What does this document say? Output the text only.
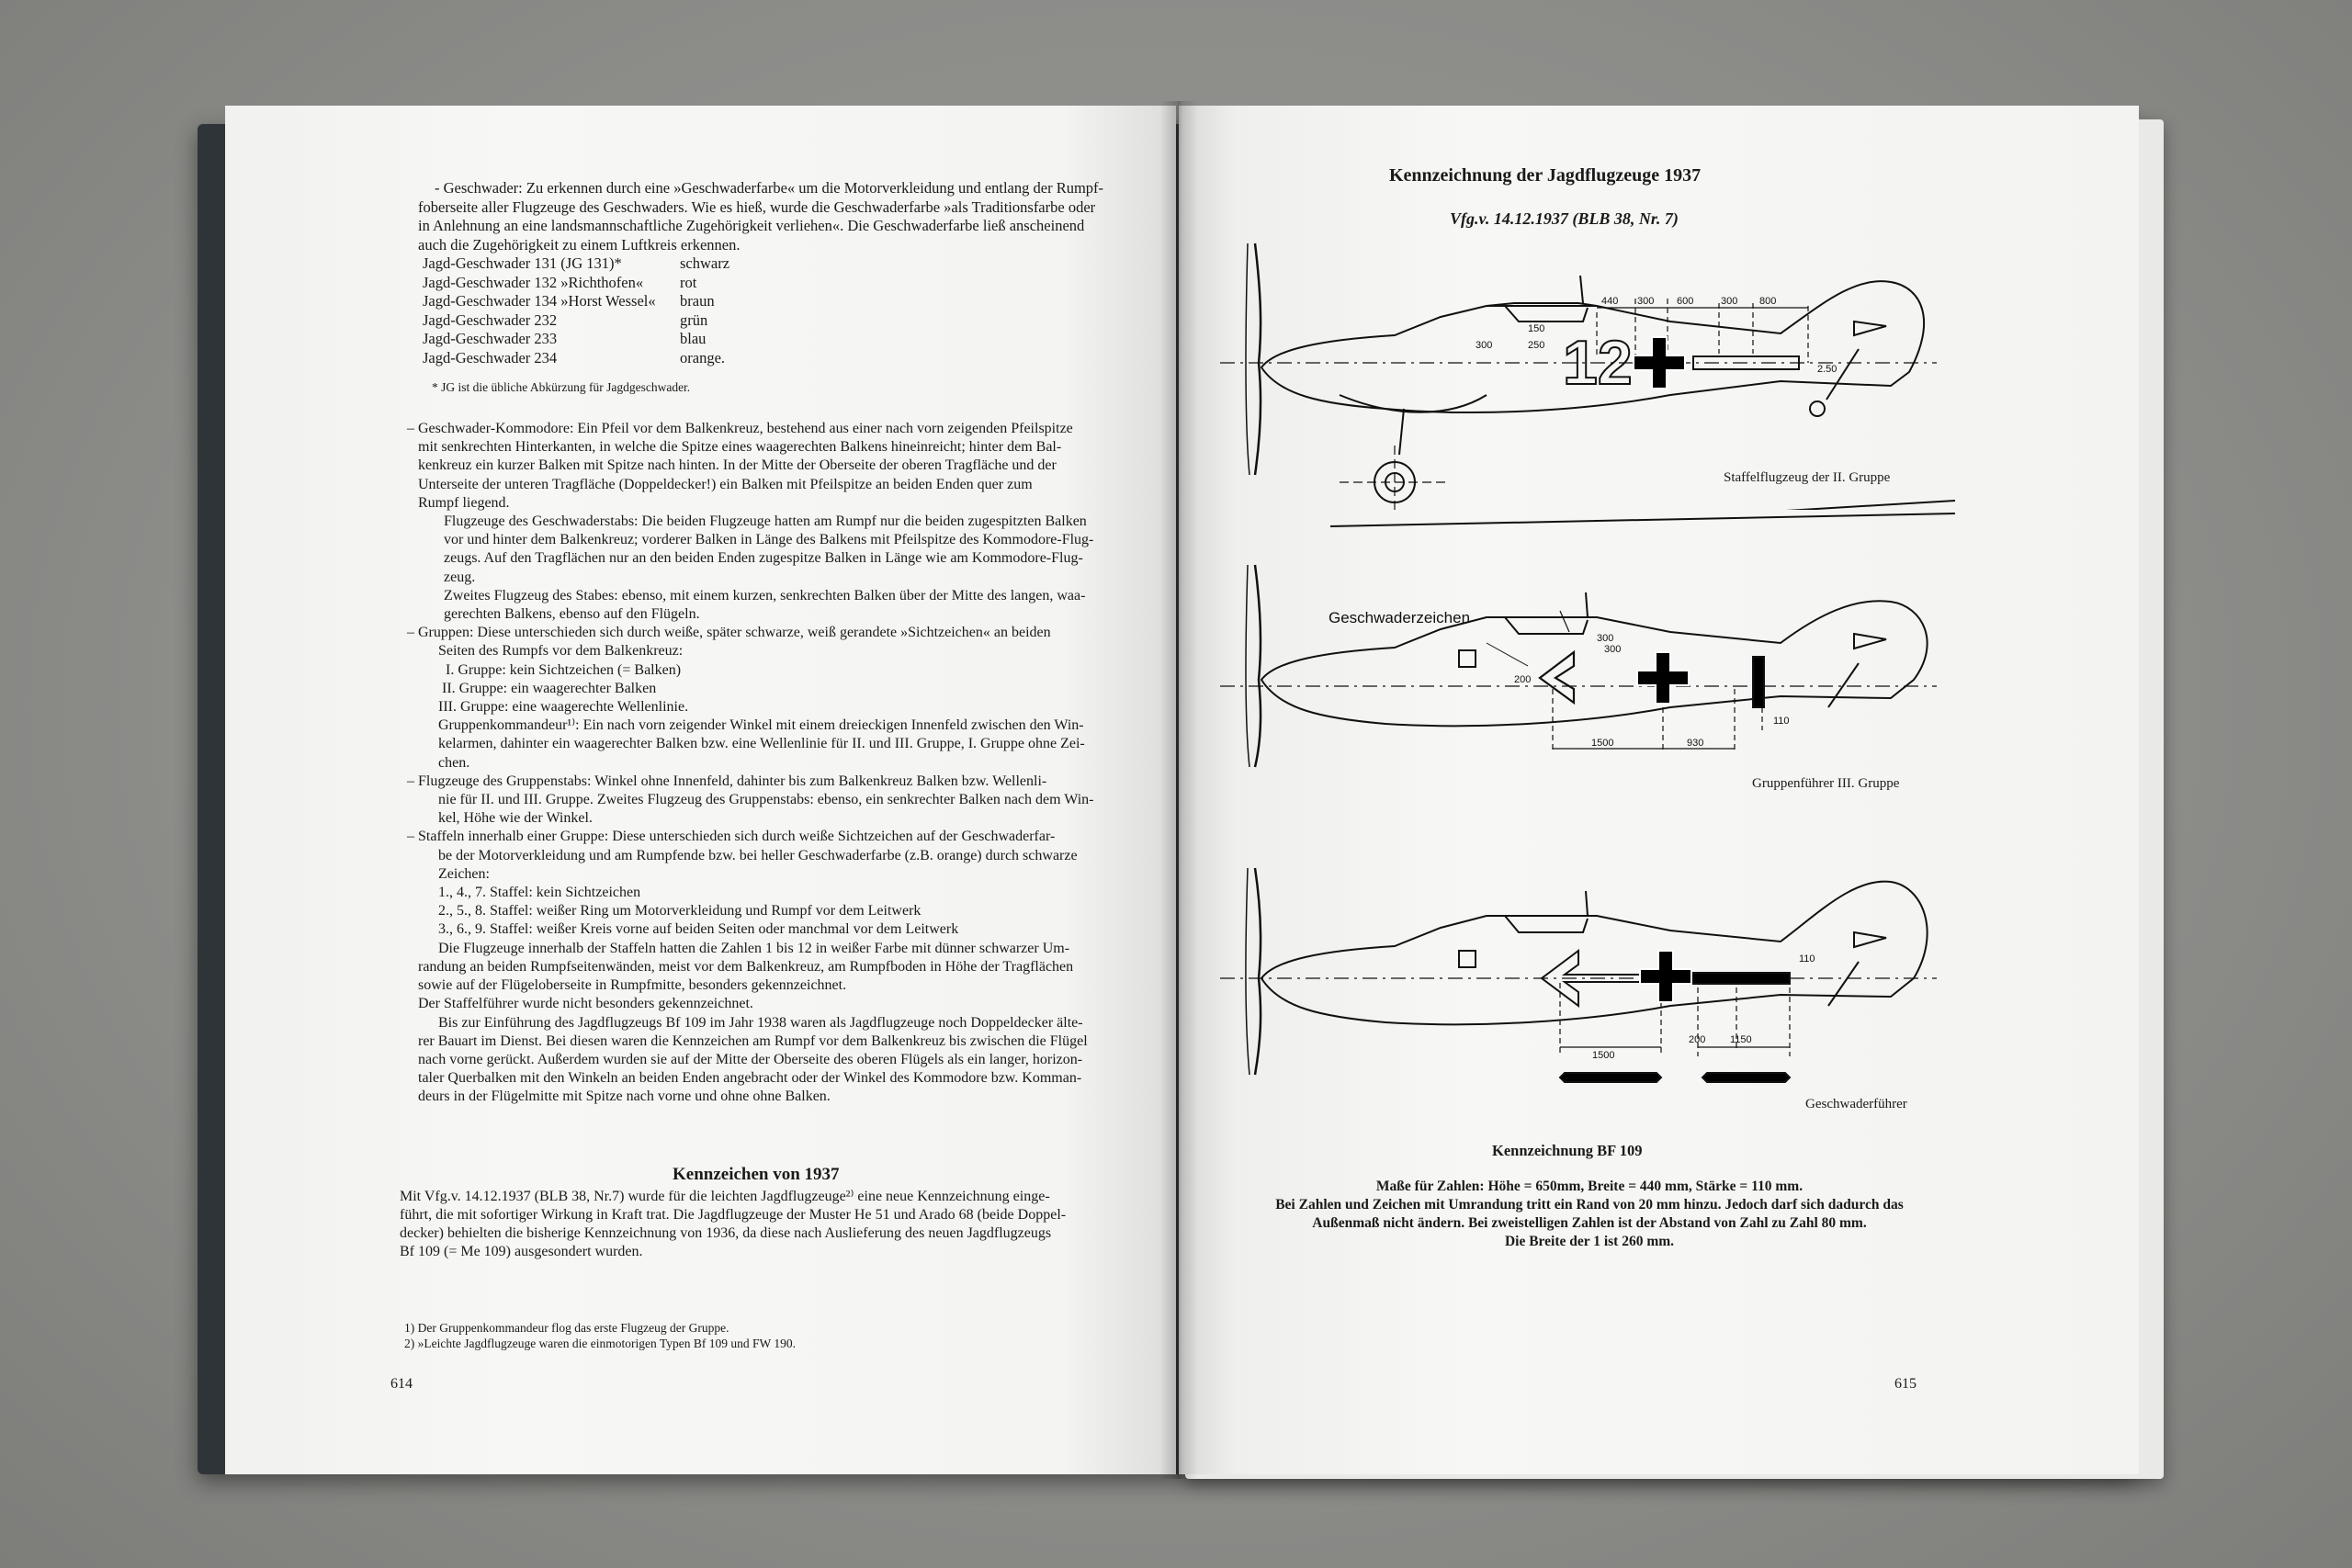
- Geschwader: Zu erkennen durch eine »Geschwaderfarbe« um die Motorverkleidung und entlang der Rumpf-
foberseite aller Flugzeuge des Geschwaders. Wie es hieß, wurde die Geschwaderfarbe »als Traditionsfarbe oder
in Anlehnung an eine landsmannschaftliche Zugehörigkeit verliehen«. Die Geschwaderfarbe ließ anscheinend
auch die Zugehörigkeit zu einem Luftkreis erkennen.
Jagd-Geschwader 131 (JG 131)*	schwarz
Jagd-Geschwader 132 »Richthofen«	rot
Jagd-Geschwader 134 »Horst Wessel«	braun
Jagd-Geschwader 232	grün
Jagd-Geschwader 233	blau
Jagd-Geschwader 234	orange.
* JG ist die übliche Abkürzung für Jagdgeschwader.
– Geschwader-Kommodore: Ein Pfeil vor dem Balkenkreuz, bestehend aus einer nach vorn zeigenden Pfeilspitze
mit senkrechten Hinterkanten, in welche die Spitze eines waagerechten Balkens hineinreicht; hinter dem Bal-
kenkreuz ein kurzer Balken mit Spitze nach hinten. In der Mitte der Oberseite der oberen Tragfläche und der
Unterseite der unteren Tragfläche (Doppeldecker!) ein Balken mit Pfeilspitze an beiden Enden quer zum
Rumpf liegend.
Flugzeuge des Geschwaderstabs: Die beiden Flugzeuge hatten am Rumpf nur die beiden zugespitzten Balken
vor und hinter dem Balkenkreuz; vorderer Balken in Länge des Balkens mit Pfeilspitze des Kommodore-Flug-
zeugs. Auf den Tragflächen nur an den beiden Enden zugespitze Balken in Länge wie am Kommodore-Flug-
zeug.
Zweites Flugzeug des Stabes: ebenso, mit einem kurzen, senkrechten Balken über der Mitte des langen, waa-
gerechten Balkens, ebenso auf den Flügeln.
– Gruppen: Diese unterschieden sich durch weiße, später schwarze, weiß gerandete »Sichtzeichen« an beiden
Seiten des Rumpfs vor dem Balkenkreuz:
I. Gruppe: kein Sichtzeichen (= Balken)
II. Gruppe: ein waagerechter Balken
III. Gruppe: eine waagerechte Wellenlinie.
Gruppenkommandeur¹⁾: Ein nach vorn zeigender Winkel mit einem dreieckigen Innenfeld zwischen den Win-
kelarmen, dahinter ein waagerechter Balken bzw. eine Wellenlinie für II. und III. Gruppe, I. Gruppe ohne Zei-
chen.
– Flugzeuge des Gruppenstabs: Winkel ohne Innenfeld, dahinter bis zum Balkenkreuz Balken bzw. Wellenli-
nie für II. und III. Gruppe. Zweites Flugzeug des Gruppenstabs: ebenso, ein senkrechter Balken nach dem Win-
kel, Höhe wie der Winkel.
– Staffeln innerhalb einer Gruppe: Diese unterschieden sich durch weiße Sichtzeichen auf der Geschwaderfar-
be der Motorverkleidung und am Rumpfende bzw. bei heller Geschwaderfarbe (z.B. orange) durch schwarze
Zeichen:
1., 4., 7. Staffel: kein Sichtzeichen
2., 5., 8. Staffel: weißer Ring um Motorverkleidung und Rumpf vor dem Leitwerk
3., 6., 9. Staffel: weißer Kreis vorne auf beiden Seiten oder manchmal vor dem Leitwerk
Die Flugzeuge innerhalb der Staffeln hatten die Zahlen 1 bis 12 in weißer Farbe mit dünner schwarzer Um-
randung an beiden Rumpfseitenwänden, meist vor dem Balkenkreuz, am Rumpfboden in Höhe der Tragflächen
sowie auf der Flügeloberseite in Rumpfmitte, besonders gekennzeichnet.
Der Staffelführer wurde nicht besonders gekennzeichnet.
Bis zur Einführung des Jagdflugzeugs Bf 109 im Jahr 1938 waren als Jagdflugzeuge noch Doppeldecker älte-
rer Bauart im Dienst. Bei diesen waren die Kennzeichen am Rumpf vor dem Balkenkreuz bis zwischen die Flügel
nach vorne gerückt. Außerdem wurden sie auf der Mitte der Oberseite des oberen Flügels als ein langer, horizon-
taler Querbalken mit den Winkeln an beiden Enden angebracht oder der Winkel des Kommodore bzw. Komman-
deurs in der Flügelmitte mit Spitze nach vorne und ohne ohne Balken.
Kennzeichen von 1937
Mit Vfg.v. 14.12.1937 (BLB 38, Nr.7) wurde für die leichten Jagdflugzeuge²⁾ eine neue Kennzeichnung einge-
führt, die mit sofortiger Wirkung in Kraft trat. Die Jagdflugzeuge der Muster He 51 und Arado 68 (beide Doppel-
decker) behielten die bisherige Kennzeichnung von 1936, da diese nach Auslieferung des neuen Jagdflugzeugs
Bf 109 (= Me 109) ausgesondert wurden.
1) Der Gruppenkommandeur flog das erste Flugzeug der Gruppe.
2) »Leichte Jagdflugzeuge waren die einmotorigen Typen Bf 109 und FW 190.
614
Kennzeichnung der Jagdflugzeuge 1937
Vfg.v. 14.12.1937 (BLB 38, Nr. 7)
12
440 300 600	300 800
300	250
150
2.50
Staffelflugzeug der II. Gruppe
Geschwaderzeichen
200
1500	930
110
300
300
Gruppenführer III. Gruppe
1500
200 1150
110
Geschwaderführer
Kennzeichnung BF 109
Maße für Zahlen: Höhe = 650mm, Breite = 440 mm, Stärke = 110 mm.
Bei Zahlen und Zeichen mit Umrandung tritt ein Rand von 20 mm hinzu. Jedoch darf sich dadurch das
Außenmaß nicht ändern. Bei zweistelligen Zahlen ist der Abstand von Zahl zu Zahl 80 mm.
Die Breite der 1 ist 260 mm.
615
